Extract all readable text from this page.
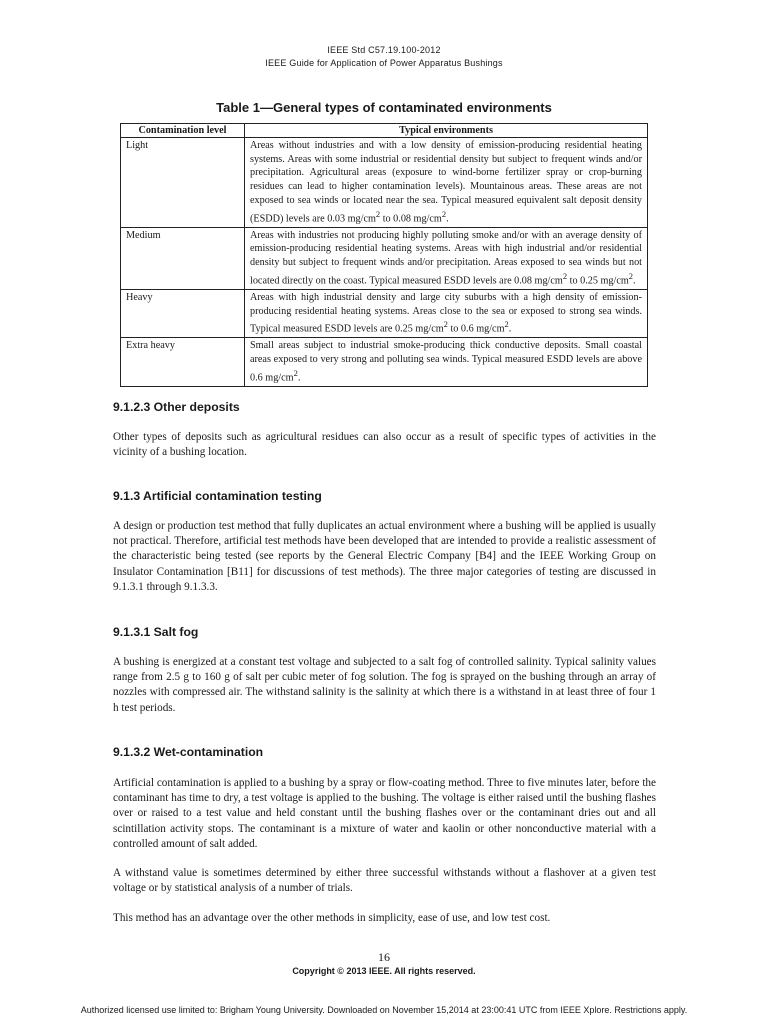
IEEE Std C57.19.100-2012
IEEE Guide for Application of Power Apparatus Bushings
Table 1—General types of contaminated environments
Contamination level	Typical environments
Light	Areas without industries and with a low density of emission-producing residential heating systems. Areas with some industrial or residential density but subject to frequent winds and/or precipitation. Agricultural areas (exposure to wind-borne fertilizer spray or crop-burning residues can lead to higher contamination levels). Mountainous areas. These areas are not exposed to sea winds or located near the sea. Typical measured equivalent salt deposit density (ESDD) levels are 0.03 $mg/cm^2$ to 0.08 $mg/cm^2$.
Medium	Areas with industries not producing highly polluting smoke and/or with an average density of emission-producing residential heating systems. Areas with high industrial and/or residential density but subject to frequent winds and/or precipitation. Areas exposed to sea winds but not located directly on the coast. Typical measured ESDD levels are 0.08 $mg/cm^2$ to 0.25 $mg/cm^2$.
Heavy	Areas with high industrial density and large city suburbs with a high density of emission-producing residential heating systems. Areas close to the sea or exposed to strong sea winds. Typical measured ESDD levels are 0.25 $mg/cm^2$ to 0.6 $mg/cm^2$.
Extra heavy	Small areas subject to industrial smoke-producing thick conductive deposits. Small coastal areas exposed to very strong and polluting sea winds. Typical measured ESDD levels are above 0.6 $mg/cm^2$.
9.1.2.3 Other deposits
Other types of deposits such as agricultural residues can also occur as a result of specific types of activities in the vicinity of a bushing location.
9.1.3 Artificial contamination testing
A design or production test method that fully duplicates an actual environment where a bushing will be applied is usually not practical. Therefore, artificial test methods have been developed that are intended to provide a realistic assessment of the characteristic being tested (see reports by the General Electric Company [B4] and the IEEE Working Group on Insulator Contamination [B11] for discussions of test methods). The three major categories of testing are discussed in 9.1.3.1 through 9.1.3.3.
9.1.3.1 Salt fog
A bushing is energized at a constant test voltage and subjected to a salt fog of controlled salinity. Typical salinity values range from 2.5 g to 160 g of salt per cubic meter of fog solution. The fog is sprayed on the bushing through an array of nozzles with compressed air. The withstand salinity is the salinity at which there is a withstand in at least three of four 1 h test periods.
9.1.3.2 Wet-contamination
Artificial contamination is applied to a bushing by a spray or flow-coating method. Three to five minutes later, before the contaminant has time to dry, a test voltage is applied to the bushing. The voltage is either raised until the bushing flashes over or raised to a test value and held constant until the bushing flashes over or the contaminant dries out and all scintillation activity stops. The contaminant is a mixture of water and kaolin or other nonconductive material with a controlled amount of salt added.
A withstand value is sometimes determined by either three successful withstands without a flashover at a given test voltage or by statistical analysis of a number of trials.
This method has an advantage over the other methods in simplicity, ease of use, and low test cost.
16
Copyright © 2013 IEEE. All rights reserved.
Authorized licensed use limited to: Brigham Young University. Downloaded on November 15,2014 at 23:00:41 UTC from IEEE Xplore. Restrictions apply.
